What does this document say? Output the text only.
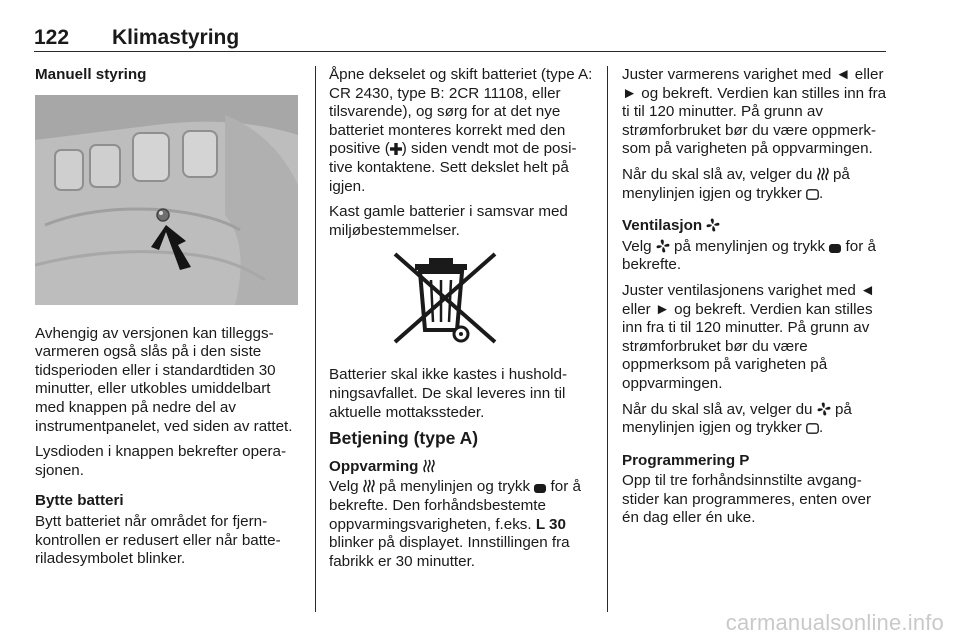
122 Klimastyring
Manuell styring

Avhengig av versjonen kan tilleggsvarmeren også slås på i den siste tidsperioden eller i standardtiden 30 minutter, eller utkobles umiddelbart med knappen på nedre del av instrumentpanelet, ved siden av rattet.

Lysdioden i knappen bekrefter operasjonen.

Bytte batteri

Bytt batteriet når området for fjernkontrollen er redusert eller når batteriladesymbolet blinker.

Åpne dekselet og skift batteriet (type A: CR 2430, type B: 2CR 11108, eller tilsvarende), og sørg for at det nye batteriet monteres korrekt med den positive ( ) siden vendt mot de positive kontaktene. Sett dekslet helt på igjen.

Kast gamle batterier i samsvar med miljøbestemmelser.

Batterier skal ikke kastes i husholdningsavfallet. De skal leveres inn til aktuelle mottakssteder.

Betjening (type A)
Oppvarming

Velg
på menylinjen og trykk
for å bekrefte. Den forhåndsbestemte oppvarmingsvarigheten, f.eks. L 30 blinker på displayet. Innstillingen fra fabrikk er 30 minutter.

Juster varmerens varighet med ◄ eller ► og bekreft. Verdien kan stilles inn fra ti til 120 minutter. På grunn av strømforbruket bør du være oppmerksom på varigheten på oppvarmingen.

Når du skal slå av, velger du
på menylinjen igjen og trykker
.

Ventilasjon

Velg
på menylinjen og trykk
for å bekrefte.

Juster ventilasjonens varighet med ◄ eller ► og bekreft. Verdien kan stilles inn fra ti til 120 minutter. På grunn av strømforbruket bør du være oppmerksom på varigheten på oppvarmingen.

Når du skal slå av, velger du
på menylinjen igjen og trykker
.

Programmering P

Opp til tre forhåndsinnstilte avgangstider kan programmeres, enten over én dag eller én uke.

carmanualsonline.info
